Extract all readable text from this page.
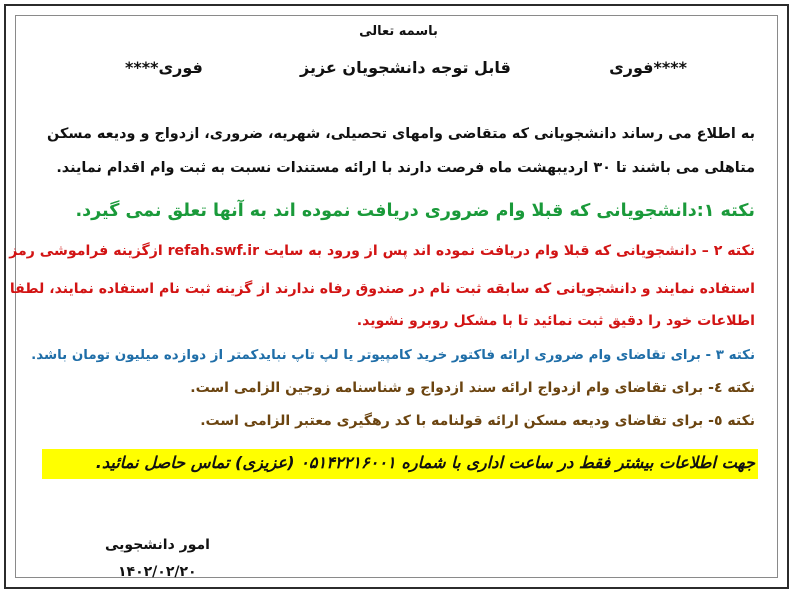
باسمه تعالی
****فوری
قابل توجه دانشجویان عزیز
فوری****
به اطلاع می رساند دانشجویانی که متقاضی وامهای تحصیلی، شهریه، ضروری، ازدواج و ودیعه مسکن
متاهلی می باشند تا ۳۰ اردیبهشت ماه فرصت دارند با ارائه مستندات نسبت به ثبت وام اقدام نمایند.
نکته ۱:دانشجویانی که قبلا وام ضروری دریافت نموده اند به آنها تعلق نمی گیرد.
نکته ۲ – دانشجویانی که قبلا وام دریافت نموده اند پس از ورود به سایت refah.swf.ir ازگزینه فراموشی رمز
استفاده نمایند و دانشجویانی که سابقه ثبت نام در صندوق رفاه ندارند از گزینه ثبت نام استفاده نمایند، لطفا
اطلاعات خود را دقیق ثبت نمائید تا با مشکل روبرو نشوید.
نکته ۳ - برای تقاضای وام ضروری ارائه فاکتور خرید کامپیوتر یا لپ تاپ نبایدکمتر از دوازده میلیون تومان باشد.
نکته ٤- برای تقاضای وام ازدواج ارائه سند ازدواج و شناسنامه زوجین الزامی است.
نکته ٥- برای تقاضای ودیعه مسکن ارائه قولنامه با کد رهگیری معتبر الزامی است.
جهت اطلاعات بیشتر فقط در ساعت اداری با شماره ۰۵۱۴۲۲۱۶۰۰۱ (عزیزی) تماس حاصل نمائید.
امور دانشجویی
۱۴۰۲/۰۲/۲۰
